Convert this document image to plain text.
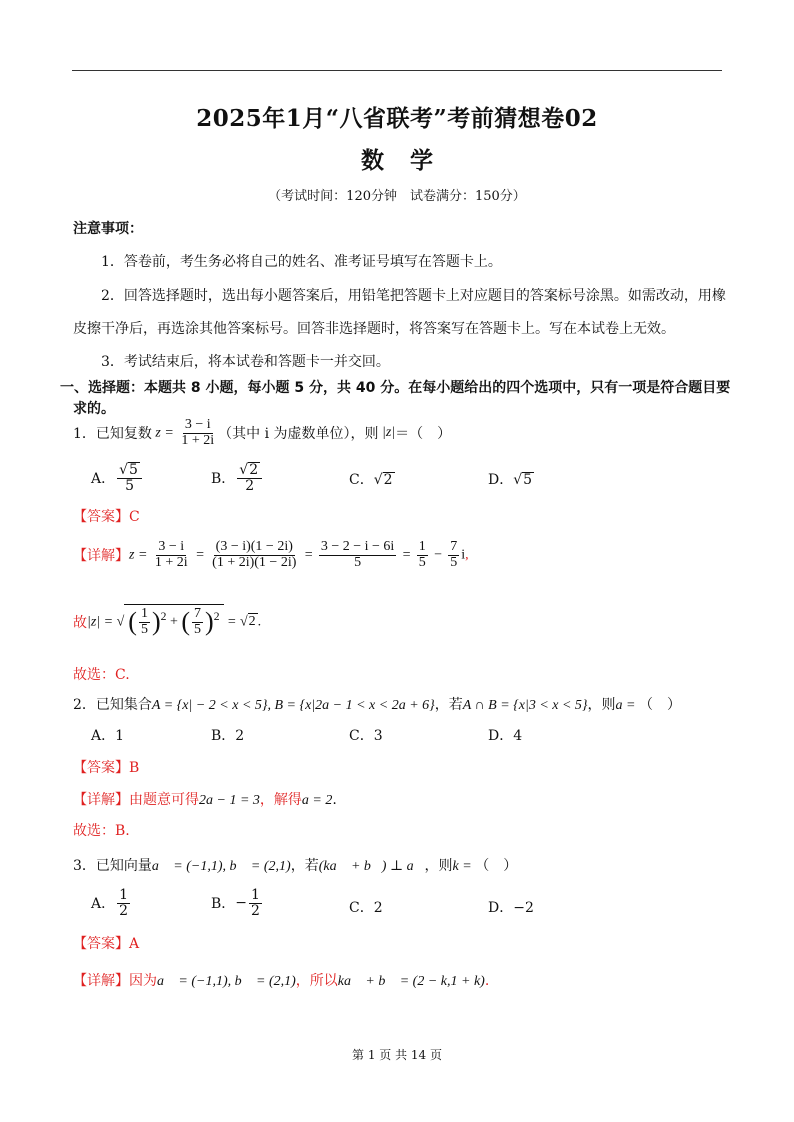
2025年1月“八省联考”考前猜想卷02
数学
（考试时间：120分钟　试卷满分：150分）
注意事项：
1．答卷前，考生务必将自己的姓名、准考证号填写在答题卡上。
2．回答选择题时，选出每小题答案后，用铅笔把答题卡上对应题目的答案标号涂黑。如需改动，用橡
皮擦干净后，再选涂其他答案标号。回答非选择题时，将答案写在答题卡上。写在本试卷上无效。
3．考试结束后，将本试卷和答题卡一并交回。
一、选择题：本题共 8 小题，每小题 5 分，共 40 分。在每小题给出的四个选项中，只有一项是符合题目要
求的。
1．已知复数 $z = \frac{3 - i}{1 + 2i}$ （其中 i 为虚数单位），则 |z| ＝（　）
A． $\frac{√5}{5}$	B． $\frac{√2}{2}$	C．√2	D．√5
【答案】C
【详解】 $z = \frac{3 - i}{1 + 2i} = \frac{(3 - i)(1 - 2i)}{(1 + 2i)(1 - 2i)} = \frac{3 - 2 - i - 6i}{5} = \frac{1}{5} - \frac{7}{5} i$,
故 |z| = √ ( $\frac{1}{5} )^2$ + ( $\frac{7}{5} )^2 = √2$ .
故选：C.
2．已知集合A = {x| − 2 < x < 5}, B = {x|2a − 1 < x < 2a + 6}，若A ∩ B = {x|3 < x < 5}，则a = （　）
A．1	B．2	C．3	D．4
【答案】B
【详解】由题意可得2a − 1 = 3，解得a = 2.
故选：B.
3．已知向量a⃗ = (−1,1), b⃗ = (2,1)，若(ka⃗ + b⃗) ⊥ a⃗，则k = （　）
A． $\frac{1}{2}$	B． − $\frac{1}{2}$	C．2	D．−2
【答案】A
【详解】因为a⃗ = (−1,1), b⃗ = (2,1)，所以ka⃗ + b⃗ = (2 − k,1 + k).
第 1 页 共 14 页
